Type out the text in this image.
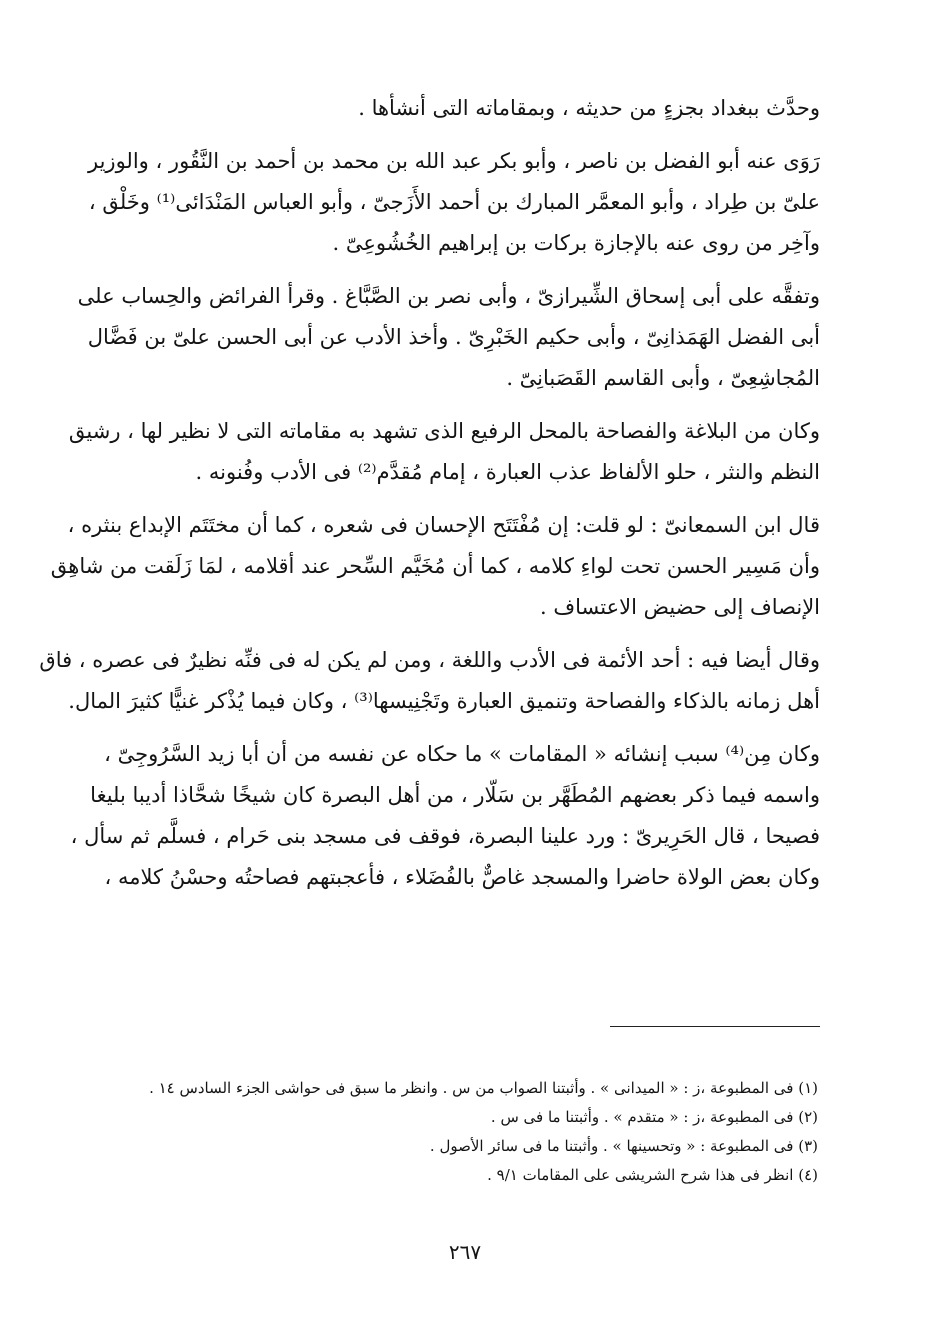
وحدَّث ببغداد بجزءٍ من حديثه ، وبمقاماته التى أنشأها .
رَوَى عنه أبو الفضل بن ناصر ، وأبو بكر عبد الله بن محمد بن أحمد بن النَّقُور ، والوزير
علىّ بن طِراد ، وأبو المعمَّر المبارك بن أحمد الأَزَجىّ ، وأبو العباس المَنْدَائى⁽¹⁾ وخَلْق ،
وآخِر من روى عنه بالإجازة بركات بن إبراهيم الخُشُوعِىّ .
وتفقَّه على أبى إسحاق الشِّيرازىّ ، وأبى نصر بن الصَّبَّاغ . وقرأ الفرائض والحِساب على
أبى الفضل الهَمَذانِىّ ، وأبى حكيم الخَبْرِىّ . وأخذ الأدب عن أبى الحسن علىّ بن فَضَّال
المُجاشِعِىّ ، وأبى القاسم القَصَبانِىّ .
وكان من البلاغة والفصاحة بالمحل الرفيع الذى تشهد به مقاماته التى لا نظير لها ، رشيق
النظم والنثر ، حلو الألفاظ عذب العبارة ، إمام مُقدَّم⁽²⁾ فى الأدب وفُنونه .
قال ابن السمعانىّ : لو قلت: إن مُفْتَتَح الإحسان فى شعره ، كما أن مختَتَم الإبداع بنثره ،
وأن مَسِير الحسن تحت لواءِ كلامه ، كما أن مُخَيَّم السِّحر عند أقلامه ، لمَا زَلَقت من شاهِق
الإنصاف إلى حضيض الاعتساف .
وقال أيضا فيه : أحد الأئمة فى الأدب واللغة ، ومن لم يكن له فى فنِّه نظيرٌ فى عصره ، فاق
أهل زمانه بالذكاء والفصاحة وتنميق العبارة وتَجْنِيسها⁽³⁾ ، وكان فيما يُذْكر غنيًّا كثيرَ المال.
وكان مِن⁽⁴⁾ سبب إنشائه « المقامات » ما حكاه عن نفسه من أن أبا زيد السَّرُوجِىّ ،
واسمه فيما ذكر بعضهم المُطَهَّر بن سَلّار ، من أهل البصرة كان شيخًا شحَّاذا أديبا بليغا
فصيحا ، قال الحَرِيرىّ : ورد علينا البصرة، فوقف فى مسجد بنى حَرام ، فسلَّم ثم سأل ،
وكان بعض الولاة حاضرا والمسجد غاصٌّ بالفُضَلاء ، فأعجبتهم فصاحتُه وحسْنُ كلامه ،
(١) فى المطبوعة ،ز : « الميدانى » . وأثبتنا الصواب من س . وانظر ما سبق فى حواشى الجزء السادس ١٤ .
(٢) فى المطبوعة ،ز : « متقدم » . وأثبتنا ما فى س .
(٣) فى المطبوعة : « وتحسينها » . وأثبتنا ما فى سائر الأصول .
(٤) انظر فى هذا شرح الشريشى على المقامات ٩/١ .
٢٦٧
